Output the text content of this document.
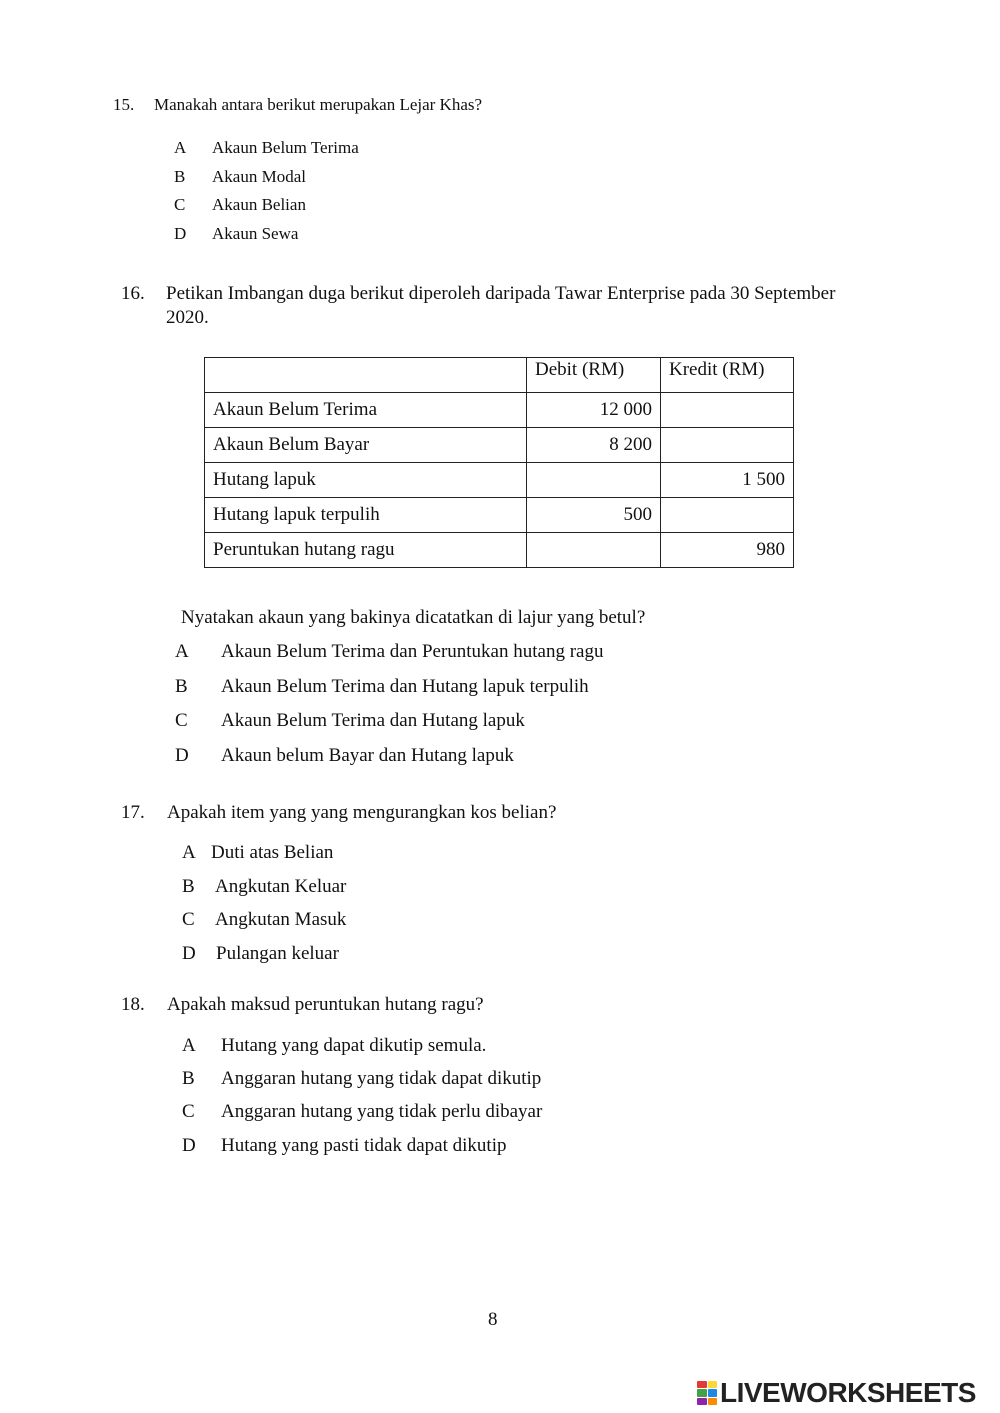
15. Manakah antara berikut merupakan Lejar Khas?
A Akaun Belum Terima
B Akaun Modal
C Akaun Belian
D Akaun Sewa
16. Petikan Imbangan duga berikut diperoleh daripada Tawar Enterprise pada 30 September
2020.
	Debit (RM)	Kredit (RM)
Akaun Belum Terima	12 000	
Akaun Belum Bayar	8 200	
Hutang lapuk		1 500
Hutang lapuk terpulih	500	
Peruntukan hutang ragu		980
Nyatakan akaun yang bakinya dicatatkan di lajur yang betul?
A Akaun Belum Terima dan Peruntukan hutang ragu
B Akaun Belum Terima dan Hutang lapuk terpulih
C Akaun Belum Terima dan Hutang lapuk
D Akaun belum Bayar dan Hutang lapuk
17. Apakah item yang yang mengurangkan kos belian?
A Duti atas Belian
B Angkutan Keluar
C Angkutan Masuk
D Pulangan keluar
18. Apakah maksud peruntukan hutang ragu?
A Hutang yang dapat dikutip semula.
B Anggaran hutang yang tidak dapat dikutip
C Anggaran hutang yang tidak perlu dibayar
D Hutang yang pasti tidak dapat dikutip
8
LIVEWORKSHEETS
